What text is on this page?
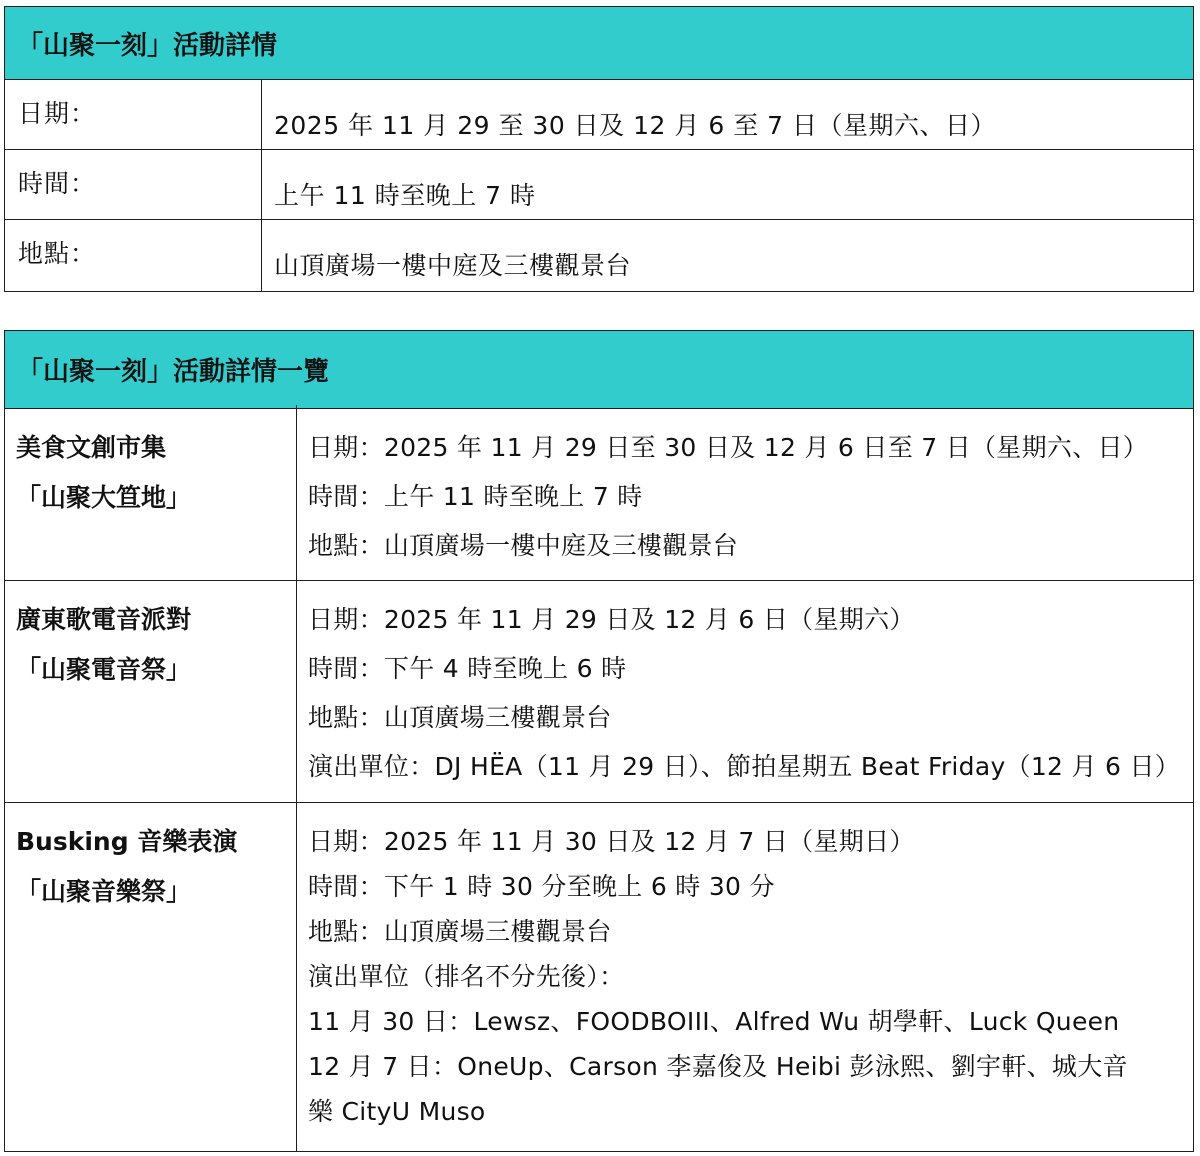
「山聚一刻」活動詳情
日期：	2025 年 11 月 29 至 30 日及 12 月 6 至 7 日（星期六、日）
時間：	上午 11 時至晚上 7 時
地點：	山頂廣場一樓中庭及三樓觀景台
「山聚一刻」活動詳情一覽
美食文創市集
「山聚大笪地」
日期：2025 年 11 月 29 日至 30 日及 12 月 6 日至 7 日（星期六、日）
時間：上午 11 時至晚上 7 時
地點：山頂廣場一樓中庭及三樓觀景台
廣東歌電音派對
「山聚電音祭」
日期：2025 年 11 月 29 日及 12 月 6 日（星期六）
時間：下午 4 時至晚上 6 時
地點：山頂廣場三樓觀景台
演出單位：DJ HËA（11 月 29 日）、節拍星期五 Beat Friday（12 月 6 日）
Busking 音樂表演
「山聚音樂祭」
日期：2025 年 11 月 30 日及 12 月 7 日（星期日）
時間：下午 1 時 30 分至晚上 6 時 30 分
地點：山頂廣場三樓觀景台
演出單位（排名不分先後）：
11 月 30 日：Lewsz、FOODBOIII、Alfred Wu 胡學軒、Luck Queen
12 月 7 日：OneUp、Carson 李嘉俊及 Heibi 彭泳熙、劉宇軒、城大音
樂 CityU Muso
